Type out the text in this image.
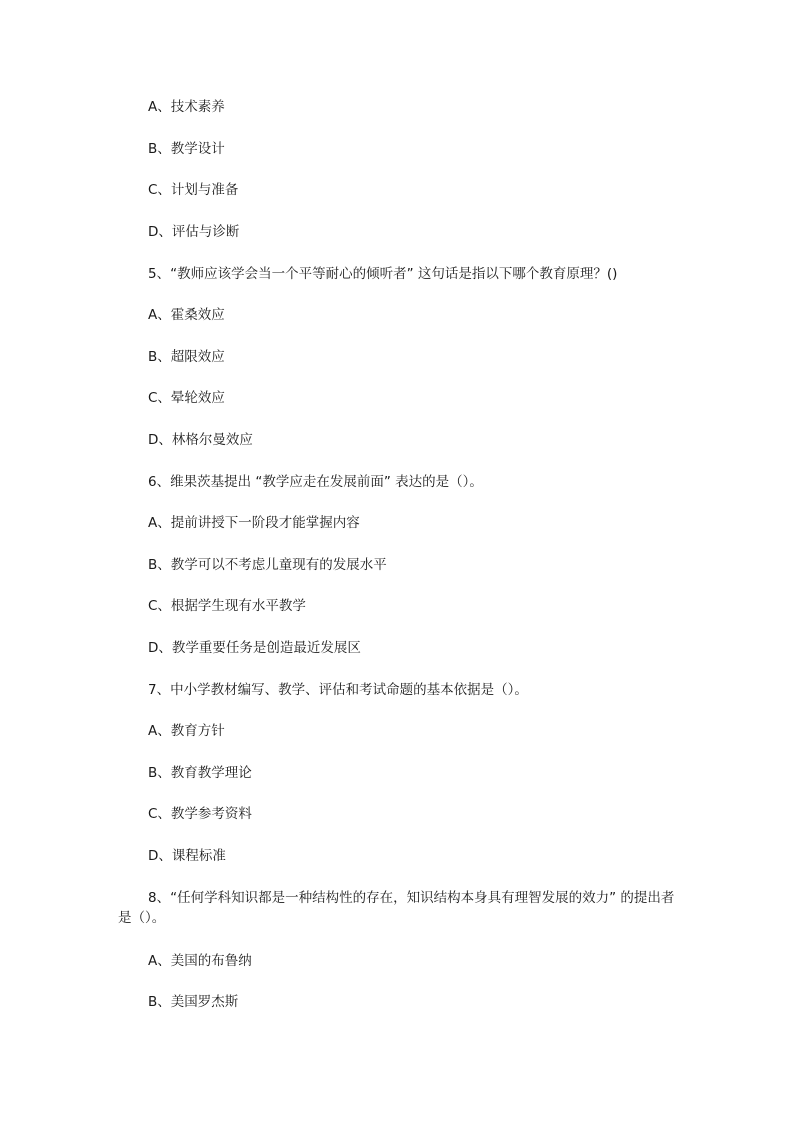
A、技术素养
B、教学设计
C、计划与准备
D、评估与诊断
5、“教师应该学会当一个平等耐心的倾听者” 这句话是指以下哪个教育原理？()
A、霍桑效应
B、超限效应
C、晕轮效应
D、林格尔曼效应
6、维果茨基提出 “教学应走在发展前面” 表达的是（）。
A、提前讲授下一阶段才能掌握内容
B、教学可以不考虑儿童现有的发展水平
C、根据学生现有水平教学
D、教学重要任务是创造最近发展区
7、中小学教材编写、教学、评估和考试命题的基本依据是（）。
A、教育方针
B、教育教学理论
C、教学参考资料
D、课程标准
8、“任何学科知识都是一种结构性的存在，知识结构本身具有理智发展的效力” 的提出者是（）。
A、美国的布鲁纳
B、美国罗杰斯
